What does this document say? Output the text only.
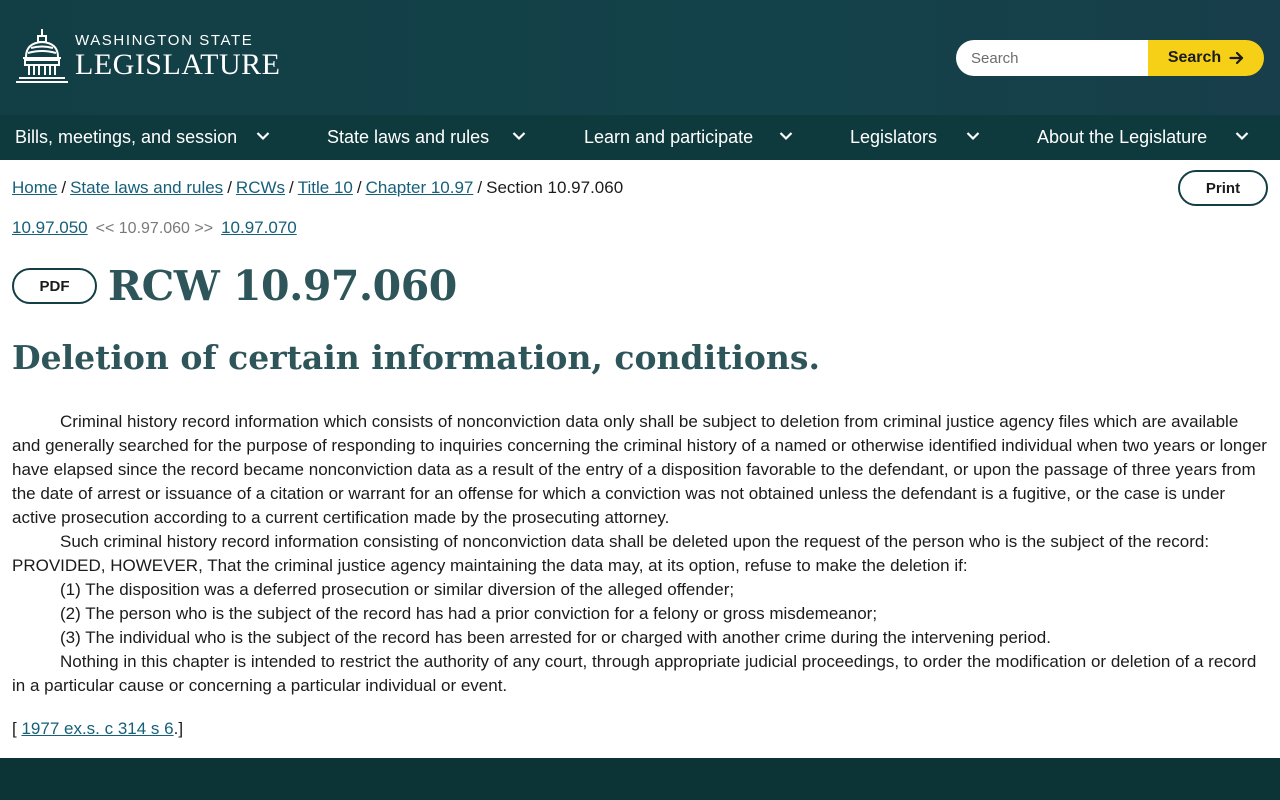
WASHINGTON STATE
LEGISLATURE
Search	Search
Bills, meetings, and session	State laws and rules	Learn and participate	Legislators	About the Legislature
Home / State laws and rules / RCWs / Title 10 / Chapter 10.97 / Section 10.97.060	Print
10.97.050 << 10.97.060 >> 10.97.070
PDF RCW 10.97.060
Deletion of certain information, conditions.

Criminal history record information which consists of nonconviction data only shall be subject to deletion from criminal justice agency files which are available and generally searched for the purpose of responding to inquiries concerning the criminal history of a named or otherwise identified individual when two years or longer have elapsed since the record became nonconviction data as a result of the entry of a disposition favorable to the defendant, or upon the passage of three years from the date of arrest or issuance of a citation or warrant for an offense for which a conviction was not obtained unless the defendant is a fugitive, or the case is under active prosecution according to a current certification made by the prosecuting attorney.

Such criminal history record information consisting of nonconviction data shall be deleted upon the request of the person who is the subject of the record: PROVIDED, HOWEVER, That the criminal justice agency maintaining the data may, at its option, refuse to make the deletion if:

(1) The disposition was a deferred prosecution or similar diversion of the alleged offender;

(2) The person who is the subject of the record has had a prior conviction for a felony or gross misdemeanor;

(3) The individual who is the subject of the record has been arrested for or charged with another crime during the intervening period.

Nothing in this chapter is intended to restrict the authority of any court, through appropriate judicial proceedings, to order the modification or deletion of a record in a particular cause or concerning a particular individual or event.

[ 1977 ex.s. c 314 s 6.]
